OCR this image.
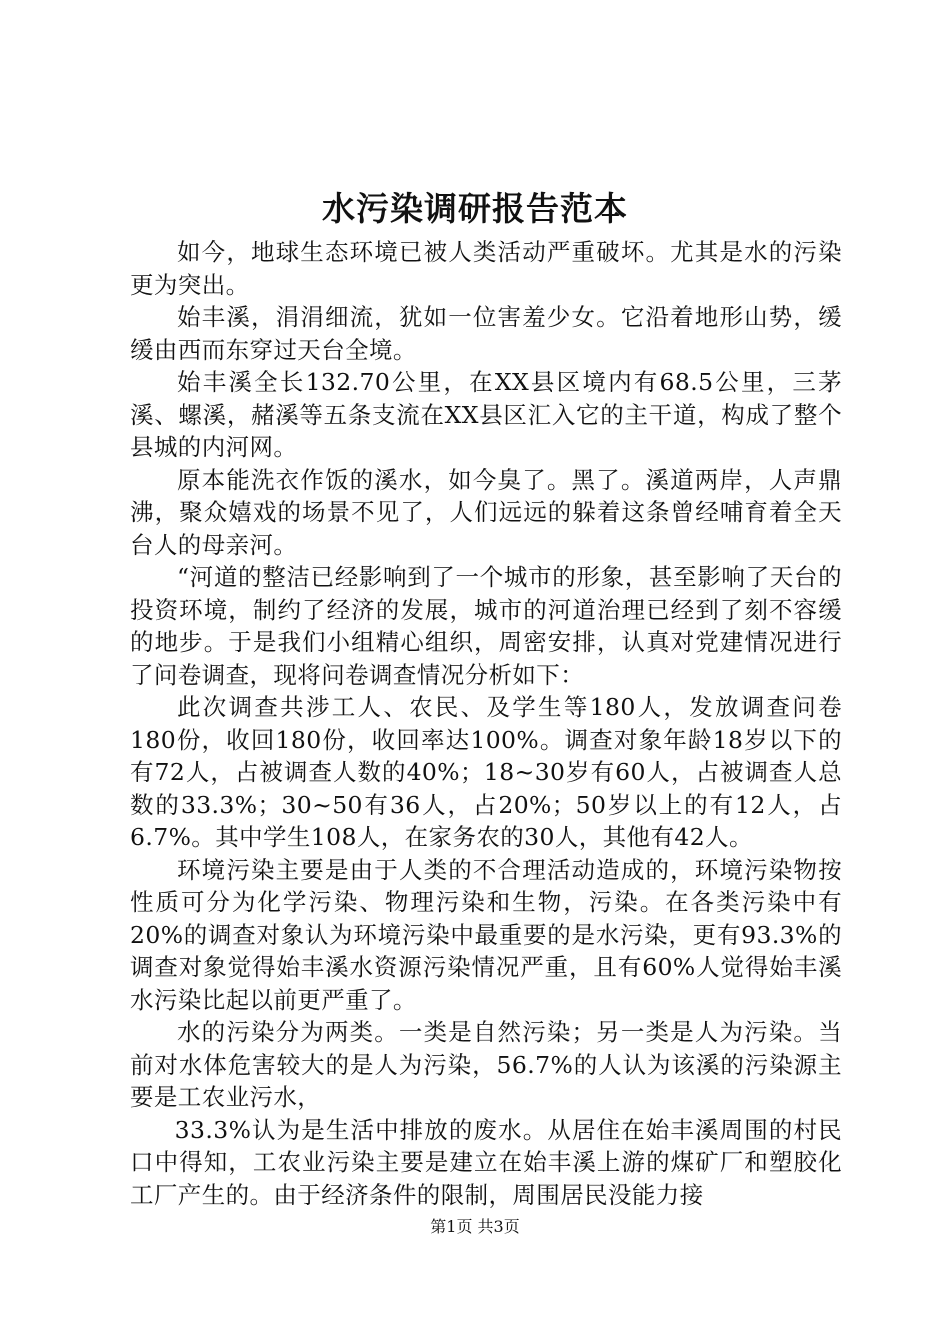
水污染调研报告范本

如今，地球生态环境已被人类活动严重破坏。尤其是水的污染更为突出。

始丰溪，涓涓细流，犹如一位害羞少女。它沿着地形山势，缓缓由西而东穿过天台全境。

始丰溪全长132.70公里，在XX县区境内有68.5公里，三茅溪、螺溪，赭溪等五条支流在XX县区汇入它的主干道，构成了整个县城的内河网。

原本能洗衣作饭的溪水，如今臭了。黑了。溪道两岸，人声鼎沸，聚众嬉戏的场景不见了，人们远远的躲着这条曾经哺育着全天台人的母亲河。

“河道的整洁已经影响到了一个城市的形象，甚至影响了天台的投资环境，制约了经济的发展，城市的河道治理已经到了刻不容缓的地步。于是我们小组精心组织，周密安排，认真对党建情况进行了问卷调查，现将问卷调查情况分析如下：

此次调查共涉工人、农民、及学生等180人，发放调查问卷180份，收回180份，收回率达100%。调查对象年龄18岁以下的有72人，占被调查人数的40%；18~30岁有60人，占被调查人总数的33.3%；30~50有36人，占20%；50岁以上的有12人，占6.7%。其中学生108人，在家务农的30人，其他有42人。

环境污染主要是由于人类的不合理活动造成的，环境污染物按性质可分为化学污染、物理污染和生物，污染。在各类污染中有20%的调查对象认为环境污染中最重要的是水污染，更有93.3%的调查对象觉得始丰溪水资源污染情况严重，且有60%人觉得始丰溪水污染比起以前更严重了。

水的污染分为两类。一类是自然污染；另一类是人为污染。当前对水体危害较大的是人为污染，56.7%的人认为该溪的污染源主要是工农业污水，

33.3%认为是生活中排放的废水。从居住在始丰溪周围的村民口中得知，工农业污染主要是建立在始丰溪上游的煤矿厂和塑胶化工厂产生的。由于经济条件的限制，周围居民没能力接

第1页 共3页
